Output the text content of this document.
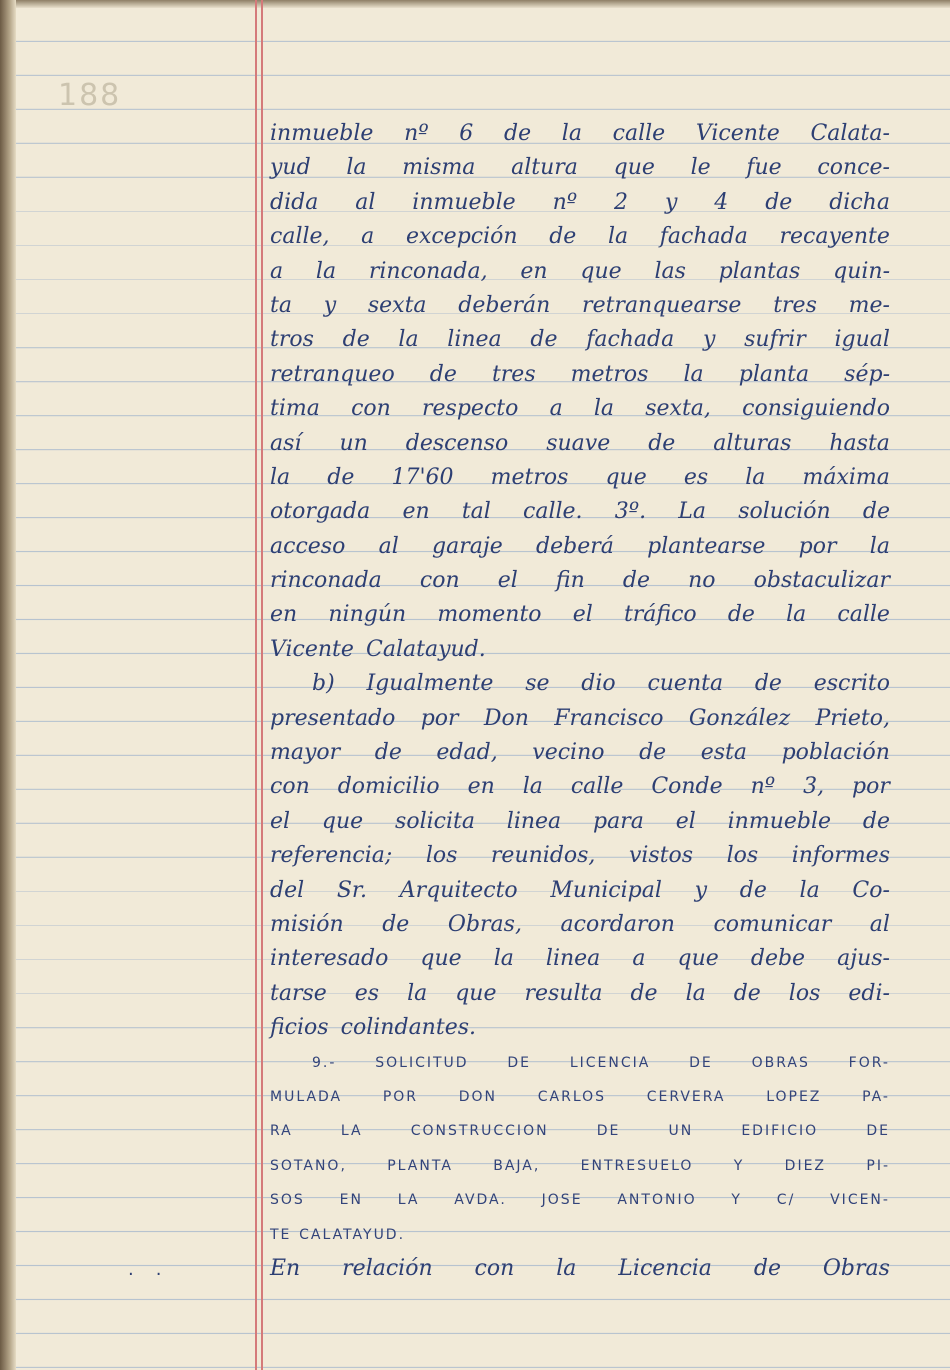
188
inmueble nº 6 de la calle Vicente Calata-
yud la misma altura que le fue conce-
dida al inmueble nº 2 y 4 de dicha
calle, a excepción de la fachada recayente
a la rinconada, en que las plantas quin-
ta y sexta deberán retranquearse tres me-
tros de la linea de fachada y sufrir igual
retranqueo de tres metros la planta sép-
tima con respecto a la sexta, consiguiendo
así un descenso suave de alturas hasta
la de 17'60 metros que es la máxima
otorgada en tal calle. 3º. La solución de
acceso al garaje deberá plantearse por la
rinconada con el fin de no obstaculizar
en ningún momento el tráfico de la calle
Vicente Calatayud.
b) Igualmente se dio cuenta de escrito
presentado por Don Francisco González Prieto,
mayor de edad, vecino de esta población
con domicilio en la calle Conde nº 3, por
el que solicita linea para el inmueble de
referencia; los reunidos, vistos los informes
del Sr. Arquitecto Municipal y de la Co-
misión de Obras, acordaron comunicar al
interesado que la linea a que debe ajus-
tarse es la que resulta de la de los edi-
ficios colindantes.
9.-	SOLICITUD	DE	LICENCIA	DE	OBRAS	FOR-
MULADA	POR	DON	CARLOS	CERVERA	LOPEZ	PA-
RA	LA	CONSTRUCCION	DE	UN	EDIFICIO	DE
SOTANO,	PLANTA	BAJA,	ENTRESUELO	Y	DIEZ	PI-
SOS EN LA AVDA. JOSE ANTONIO Y C/ VICEN-
TE CALATAYUD.
En relación con la Licencia de Obras
··
